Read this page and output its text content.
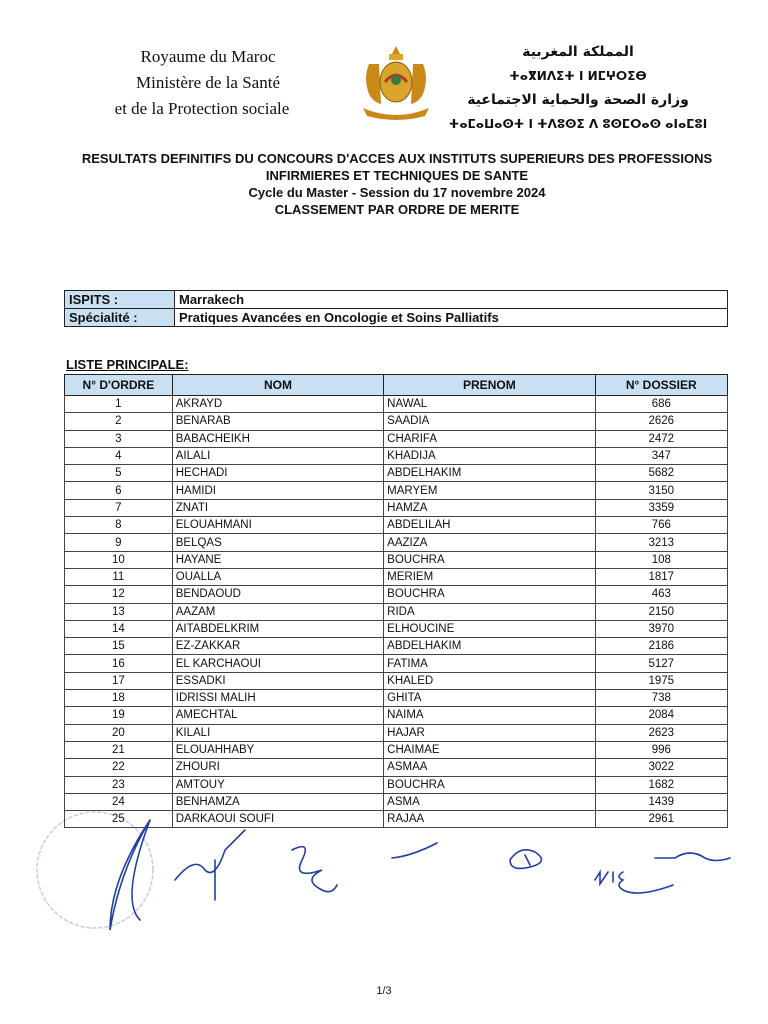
Royaume du Maroc
Ministère de la Santé
et de la Protection sociale
المملكة المغربية
ⵜⴰⴳⵍⴷⵉⵜ ⵏ ⵍⵎⵖⵔⵉⴱ
وزارة الصحة والحماية الاجتماعية
ⵜⴰⵎⴰⵡⴰⵙⵜ ⵏ ⵜⴷⵓⵙⵉ ⴷ ⵓⵙⵎⵔⴰⵙ ⴰⵏⴰⵎⵓⵏ
RESULTATS DEFINITIFS DU CONCOURS D'ACCES AUX INSTITUTS SUPERIEURS DES PROFESSIONS
INFIRMIERES ET TECHNIQUES DE SANTE
Cycle du Master - Session du 17 novembre 2024
CLASSEMENT PAR ORDRE DE MERITE
ISPITS :	Marrakech
Spécialité :	Pratiques Avancées en Oncologie et Soins Palliatifs
LISTE PRINCIPALE:
N° D'ORDRE	NOM	PRENOM	N° DOSSIER
1	AKRAYD	NAWAL	686
2	BENARAB	SAADIA	2626
3	BABACHEIKH	CHARIFA	2472
4	AILALI	KHADIJA	347
5	HECHADI	ABDELHAKIM	5682
6	HAMIDI	MARYEM	3150
7	ZNATI	HAMZA	3359
8	ELOUAHMANI	ABDELILAH	766
9	BELQAS	AAZIZA	3213
10	HAYANE	BOUCHRA	108
11	OUALLA	MERIEM	1817
12	BENDAOUD	BOUCHRA	463
13	AAZAM	RIDA	2150
14	AITABDELKRIM	ELHOUCINE	3970
15	EZ-ZAKKAR	ABDELHAKIM	2186
16	EL KARCHAOUI	FATIMA	5127
17	ESSADKI	KHALED	1975
18	IDRISSI MALIH	GHITA	738
19	AMECHTAL	NAIMA	2084
20	KILALI	HAJAR	2623
21	ELOUAHHABY	CHAIMAE	996
22	ZHOURI	ASMAA	3022
23	AMTOUY	BOUCHRA	1682
24	BENHAMZA	ASMA	1439
25	DARKAOUI SOUFI	RAJAA	2961
1/3
